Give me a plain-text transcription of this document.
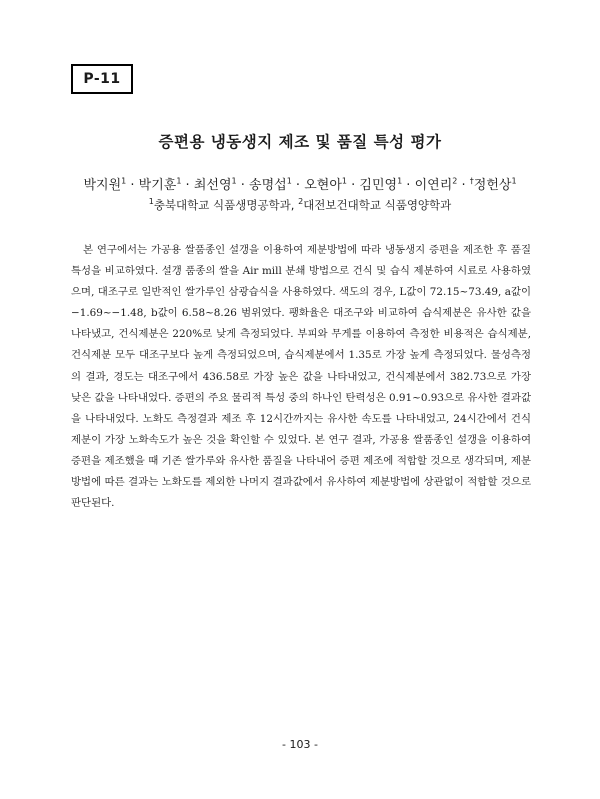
P-11
증편용 냉동생지 제조 및 품질 특성 평가
박지원$^1$ · 박기훈$^1$ · 최선영$^1$ · 송명섭$^1$ · 오현아$^1$ · 김민영$^1$ · 이연리$^2$ · †정헌상$^1$
$^1$충북대학교 식품생명공학과, $^2$대전보건대학교 식품영양학과

본 연구에서는 가공용 쌀품종인 설갱을 이용하여 제분방법에 따라 냉동생지 증편을 제조한 후 품질 특성을 비교하였다. 설갱 품종의 쌀을 Air mill 분쇄 방법으로 건식 및 습식 제분하여 시료로 사용하였으며, 대조구로 일반적인 쌀가루인 삼광습식을 사용하였다. 색도의 경우, L값이 72.15~73.49, a값이 −1.69~−1.48, b값이 6.58~8.26 범위였다. 팽화율은 대조구와 비교하여 습식제분은 유사한 값을 나타냈고, 건식제분은 220%로 낮게 측정되었다. 부피와 무게를 이용하여 측정한 비용적은 습식제분, 건식제분 모두 대조구보다 높게 측정되었으며, 습식제분에서 1.35로 가장 높게 측정되었다. 물성측정의 결과, 경도는 대조구에서 436.58로 가장 높은 값을 나타내었고, 건식제분에서 382.73으로 가장 낮은 값을 나타내었다. 증편의 주요 물리적 특성 중의 하나인 탄력성은 0.91~0.93으로 유사한 결과값을 나타내었다. 노화도 측정결과 제조 후 12시간까지는 유사한 속도를 나타내었고, 24시간에서 건식제분이 가장 노화속도가 높은 것을 확인할 수 있었다. 본 연구 결과, 가공용 쌀품종인 설갱을 이용하여 증편을 제조했을 때 기존 쌀가루와 유사한 품질을 나타내어 증편 제조에 적합할 것으로 생각되며, 제분 방법에 따른 결과는 노화도를 제외한 나머지 결과값에서 유사하여 제분방법에 상관없이 적합할 것으로 판단된다.

- 103 -
